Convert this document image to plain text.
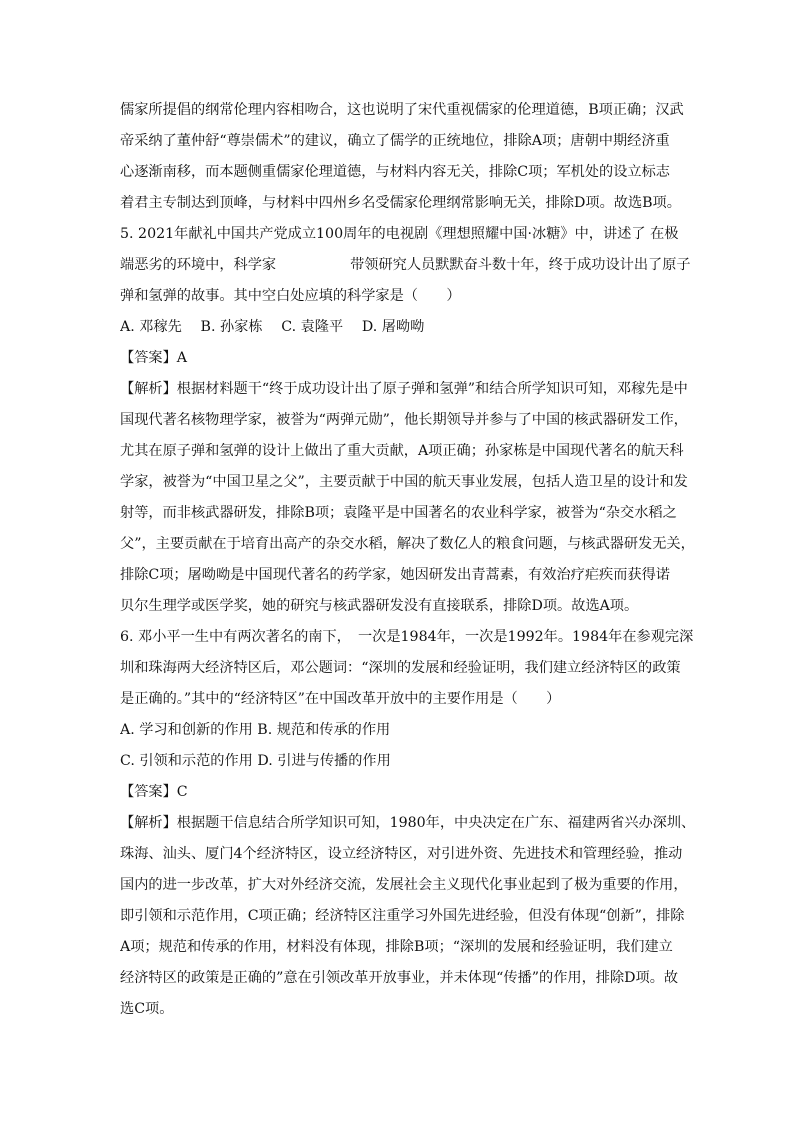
儒家所提倡的纲常伦理内容相吻合，这也说明了宋代重视儒家的伦理道德，B项正确；汉武
帝采纳了董仲舒“尊崇儒术”的建议，确立了儒学的正统地位，排除A项；唐朝中期经济重
心逐渐南移，而本题侧重儒家伦理道德，与材料内容无关，排除C项；军机处的设立标志
着君主专制达到顶峰，与材料中四州乡名受儒家伦理纲常影响无关，排除D项。故选B项。
5. 2021年献礼中国共产党成立100周年的电视剧《理想照耀中国·冰糖》中，讲述了 在极
端恶劣的环境中，科学家	带领研究人员默默奋斗数十年，终于成功设计出了原子
弹和氢弹的故事。其中空白处应填的科学家是（　　）
A. 邓稼先　 B. 孙家栋　 C. 袁隆平　 D. 屠呦呦
【答案】A
【解析】根据材料题干“终于成功设计出了原子弹和氢弹”和结合所学知识可知，邓稼先是中
国现代著名核物理学家，被誉为“两弹元勋”，他长期领导并参与了中国的核武器研发工作，
尤其在原子弹和氢弹的设计上做出了重大贡献，A项正确；孙家栋是中国现代著名的航天科
学家，被誉为“中国卫星之父”，主要贡献于中国的航天事业发展，包括人造卫星的设计和发
射等，而非核武器研发，排除B项；袁隆平是中国著名的农业科学家，被誉为“杂交水稻之
父”，主要贡献在于培育出高产的杂交水稻，解决了数亿人的粮食问题，与核武器研发无关，
排除C项；屠呦呦是中国现代著名的药学家，她因研发出青蒿素，有效治疗疟疾而获得诺
贝尔生理学或医学奖，她的研究与核武器研发没有直接联系，排除D项。故选A项。
6. 邓小平一生中有两次著名的南下，　一次是1984年，一次是1992年。1984年在参观完深
圳和珠海两大经济特区后，邓公题词：“深圳的发展和经验证明，我们建立经济特区的政策
是正确的。”其中的“经济特区”在中国改革开放中的主要作用是（　　）
A. 学习和创新的作用 B. 规范和传承的作用
C. 引领和示范的作用 D. 引进与传播的作用
【答案】C
【解析】根据题干信息结合所学知识可知，1980年，中央决定在广东、福建两省兴办深圳、
珠海、汕头、厦门4个经济特区，设立经济特区，对引进外资、先进技术和管理经验，推动
国内的进一步改革，扩大对外经济交流，发展社会主义现代化事业起到了极为重要的作用，
即引领和示范作用，C项正确；经济特区注重学习外国先进经验，但没有体现“创新”，排除
A项；规范和传承的作用，材料没有体现，排除B项；“深圳的发展和经验证明，我们建立
经济特区的政策是正确的”意在引领改革开放事业，并未体现“传播”的作用，排除D项。故
选C项。
